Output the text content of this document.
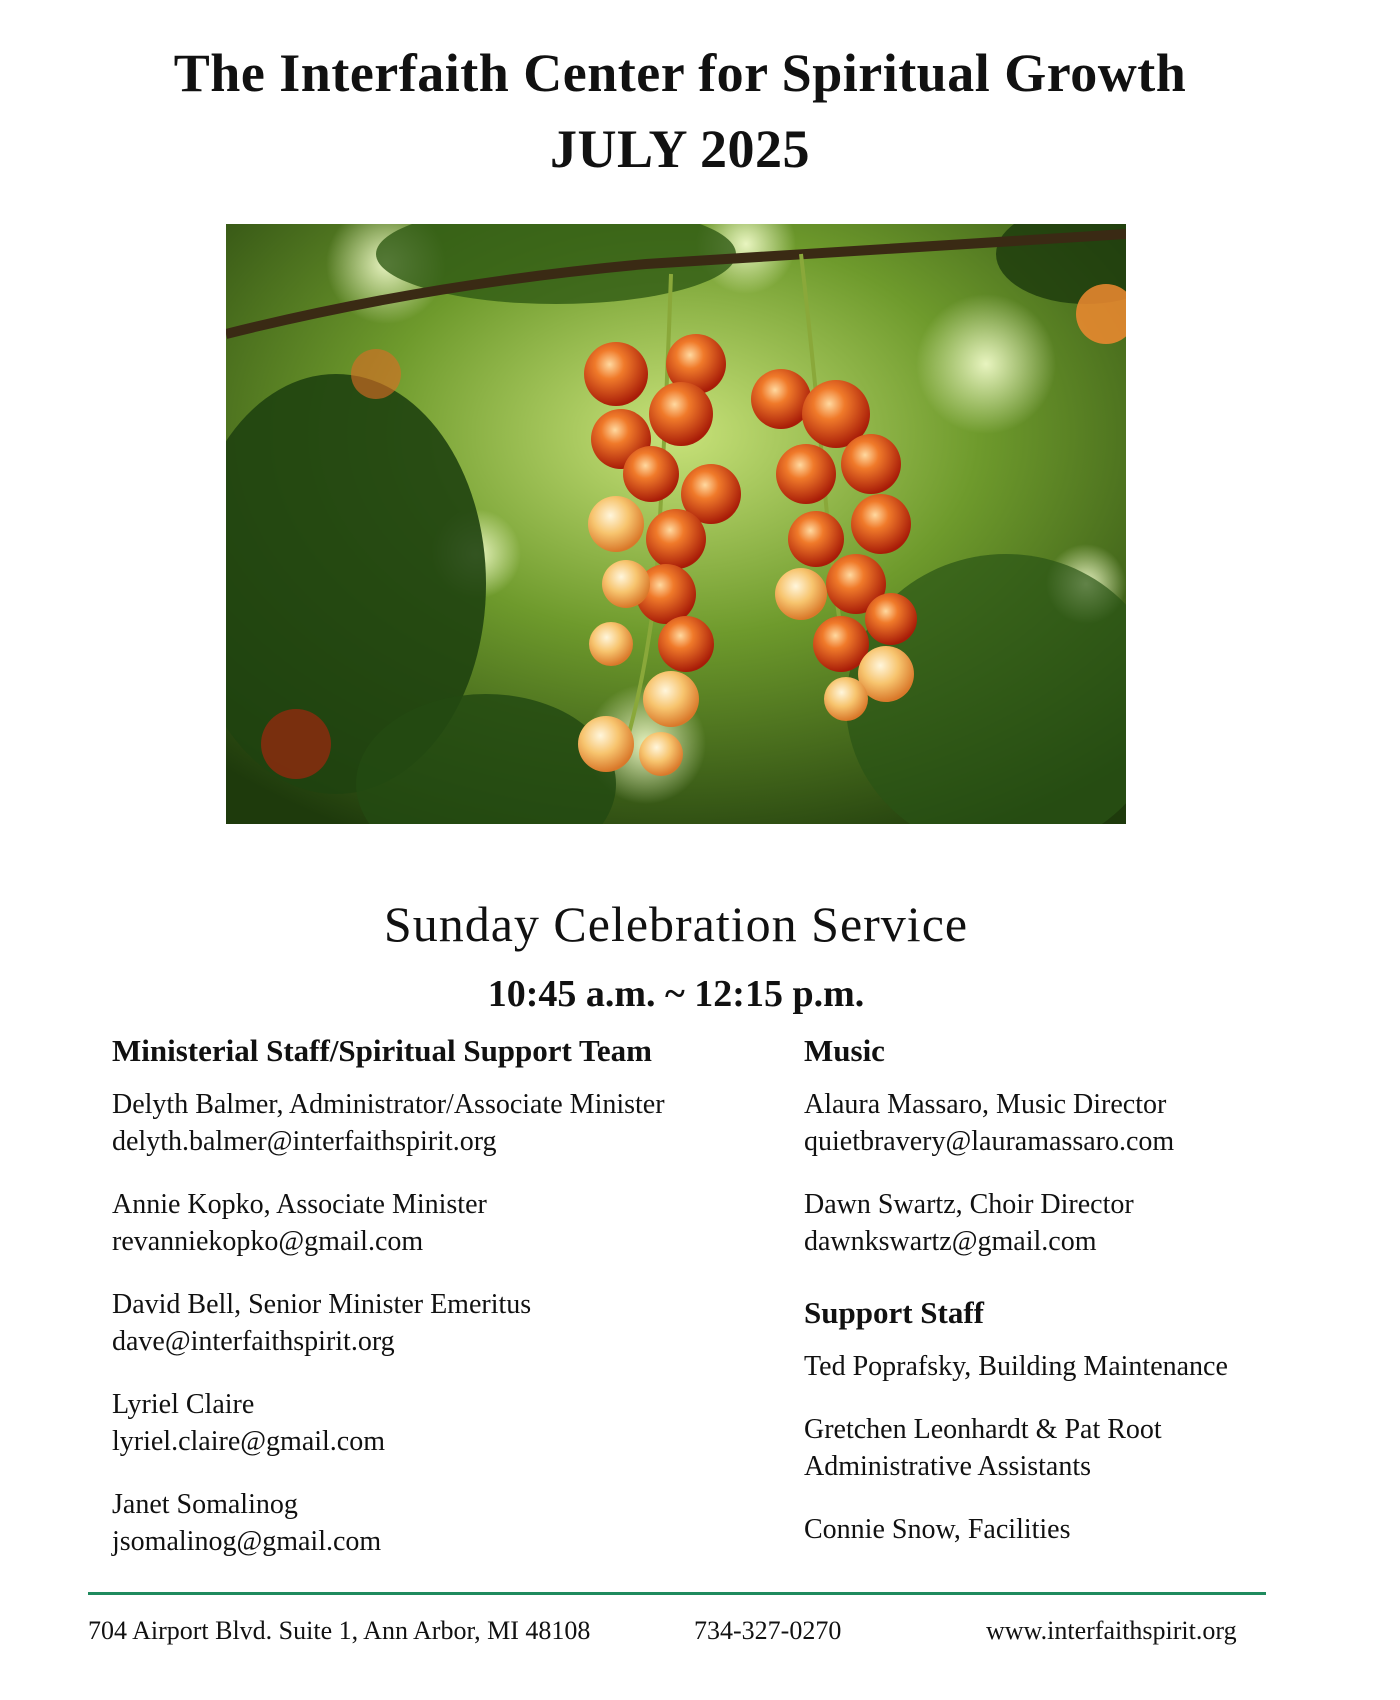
The Interfaith Center for Spiritual Growth
JULY 2025
Sunday Celebration Service
10:45 a.m. ~ 12:15 p.m.
Ministerial Staff/Spiritual Support Team
Delyth Balmer, Administrator/Associate Minister
delyth.balmer@interfaithspirit.org
Annie Kopko, Associate Minister
revanniekopko@gmail.com
David Bell, Senior Minister Emeritus
dave@interfaithspirit.org
Lyriel Claire
lyriel.claire@gmail.com
Janet Somalinog
jsomalinog@gmail.com
Music
Alaura Massaro, Music Director
quietbravery@lauramassaro.com
Dawn Swartz, Choir Director
dawnkswartz@gmail.com
Support Staff
Ted Poprafsky, Building Maintenance
Gretchen Leonhardt & Pat Root
Administrative Assistants
Connie Snow, Facilities
704 Airport Blvd. Suite 1, Ann Arbor, MI 48108	734-327-0270	www.interfaithspirit.org
